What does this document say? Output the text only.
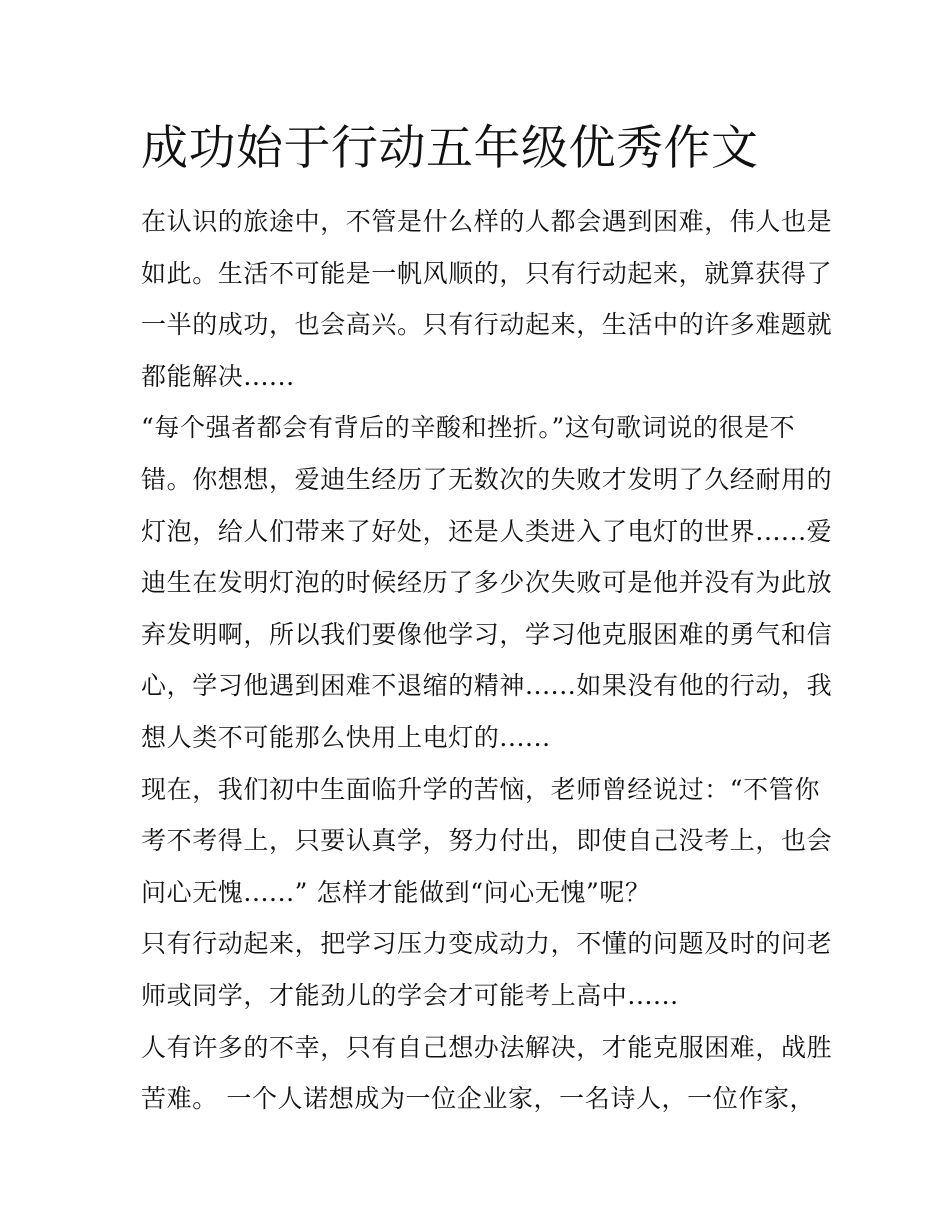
成功始于行动五年级优秀作文

在认识的旅途中，不管是什么样的人都会遇到困难，伟人也是
如此。生活不可能是一帆风顺的，只有行动起来，就算获得了
一半的成功，也会高兴。只有行动起来，生活中的许多难题就
都能解决......

“每个强者都会有背后的辛酸和挫折。”这句歌词说的很是不
错。你想想，爱迪生经历了无数次的失败才发明了久经耐用的
灯泡，给人们带来了好处，还是人类进入了电灯的世界......爱
迪生在发明灯泡的时候经历了多少次失败可是他并没有为此放
弃发明啊，所以我们要像他学习，学习他克服困难的勇气和信
心，学习他遇到困难不退缩的精神......如果没有他的行动，我
想人类不可能那么快用上电灯的......

现在，我们初中生面临升学的苦恼，老师曾经说过：“不管你
考不考得上，只要认真学，努力付出，即使自己没考上，也会
问心无愧......” 怎样才能做到“问心无愧”呢？

只有行动起来，把学习压力变成动力，不懂的问题及时的问老
师或同学，才能劲儿的学会才可能考上高中......

人有许多的不幸，只有自己想办法解决，才能克服困难，战胜
苦难。 一个人诺想成为一位企业家，一名诗人，一位作家，
